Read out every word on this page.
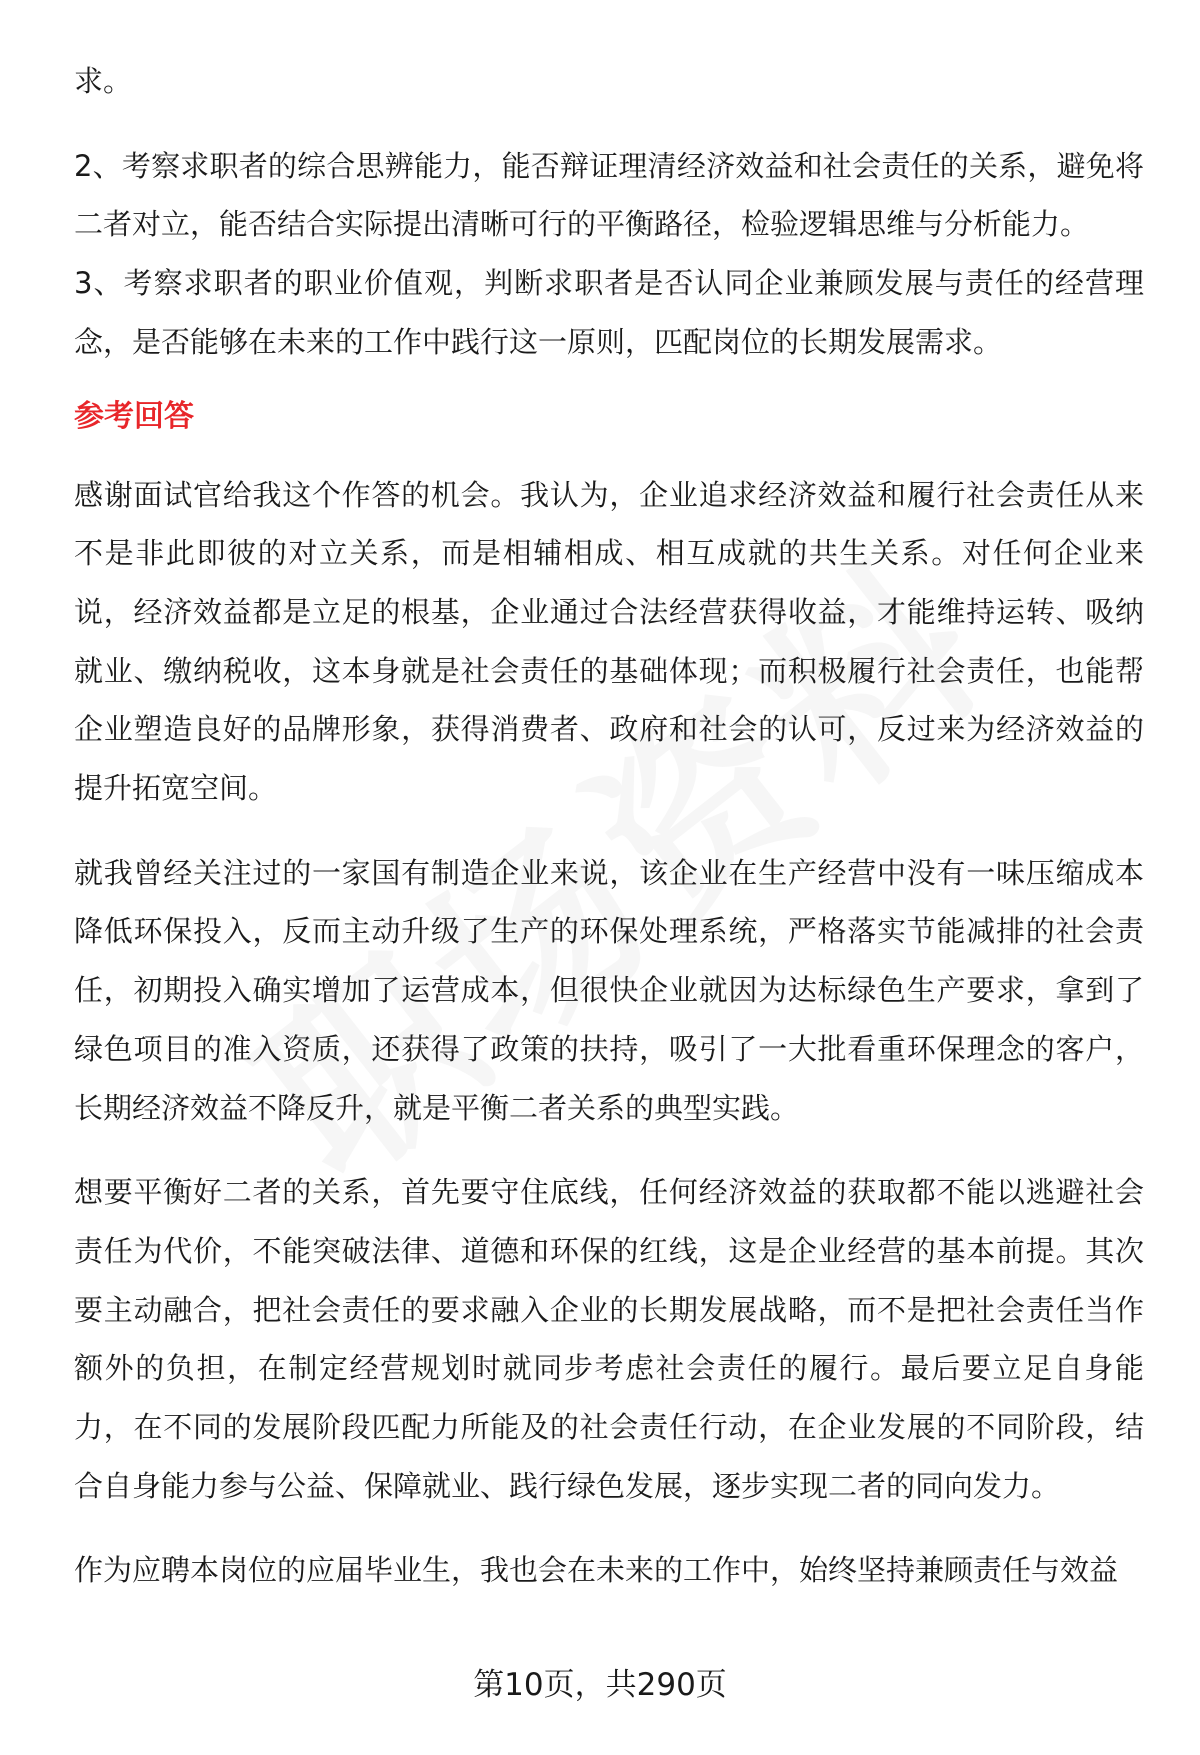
求。

2、考察求职者的综合思辨能力，能否辩证理清经济效益和社会责任的关系，避免将二者对立，能否结合实际提出清晰可行的平衡路径，检验逻辑思维与分析能力。

3、考察求职者的职业价值观，判断求职者是否认同企业兼顾发展与责任的经营理念，是否能够在未来的工作中践行这一原则，匹配岗位的长期发展需求。

参考回答

感谢面试官给我这个作答的机会。我认为，企业追求经济效益和履行社会责任从来不是非此即彼的对立关系，而是相辅相成、相互成就的共生关系。对任何企业来说，经济效益都是立足的根基，企业通过合法经营获得收益，才能维持运转、吸纳就业、缴纳税收，这本身就是社会责任的基础体现；而积极履行社会责任，也能帮企业塑造良好的品牌形象，获得消费者、政府和社会的认可，反过来为经济效益的提升拓宽空间。

就我曾经关注过的一家国有制造企业来说，该企业在生产经营中没有一味压缩成本降低环保投入，反而主动升级了生产的环保处理系统，严格落实节能减排的社会责任，初期投入确实增加了运营成本，但很快企业就因为达标绿色生产要求，拿到了绿色项目的准入资质，还获得了政策的扶持，吸引了一大批看重环保理念的客户，长期经济效益不降反升，就是平衡二者关系的典型实践。

想要平衡好二者的关系，首先要守住底线，任何经济效益的获取都不能以逃避社会责任为代价，不能突破法律、道德和环保的红线，这是企业经营的基本前提。其次要主动融合，把社会责任的要求融入企业的长期发展战略，而不是把社会责任当作额外的负担，在制定经营规划时就同步考虑社会责任的履行。最后要立足自身能力，在不同的发展阶段匹配力所能及的社会责任行动，在企业发展的不同阶段，结合自身能力参与公益、保障就业、践行绿色发展，逐步实现二者的同向发力。

作为应聘本岗位的应届毕业生，我也会在未来的工作中，始终坚持兼顾责任与效益

第10页，共290页
